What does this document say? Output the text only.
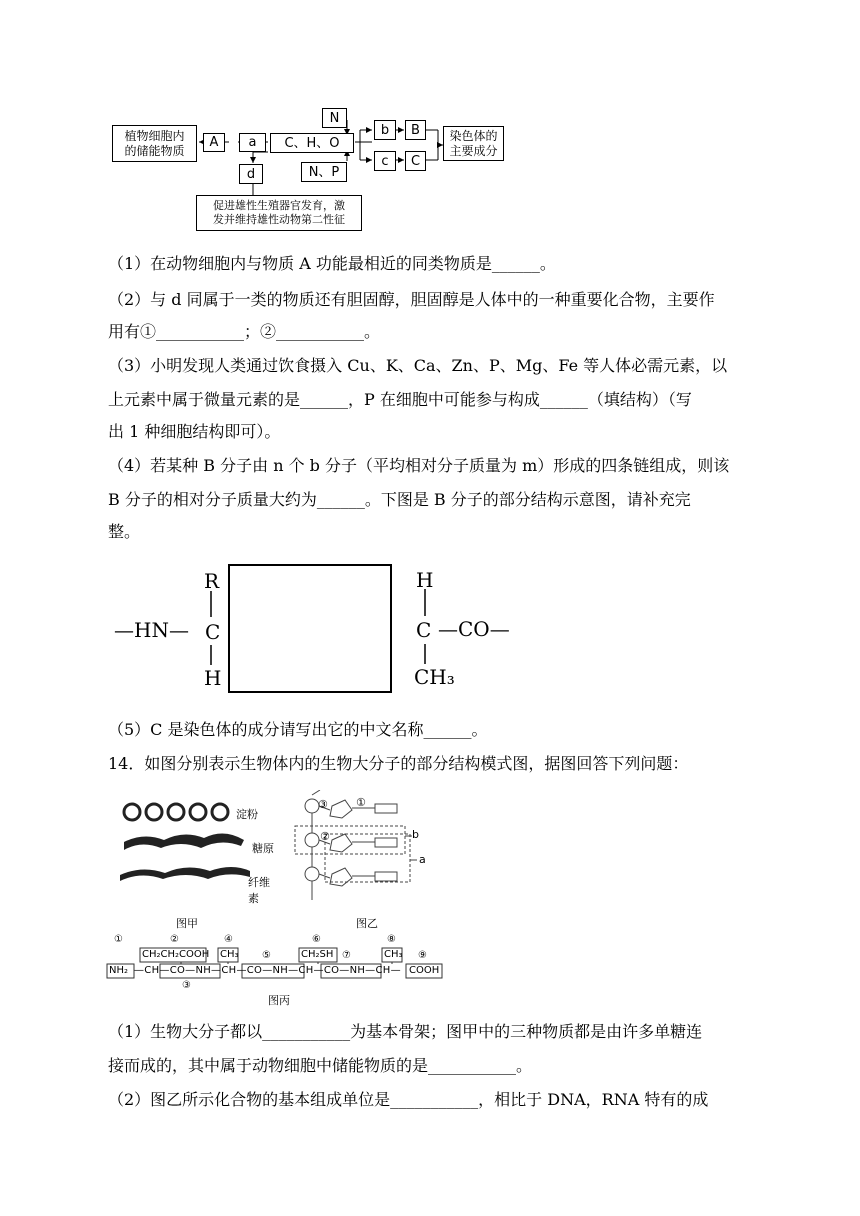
植物细胞内
的储能物质
A	a	C、H、O
N
N、P
b	B
c	C
染色体的
主要成分
d
促进雄性生殖器官发育，激
发并维持雄性动物第二性征
（1）在动物细胞内与物质 A 功能最相近的同类物质是______。
（2）与 d 同属于一类的物质还有胆固醇，胆固醇是人体中的一种重要化合物，主要作
用有①___________；②___________。
（3）小明发现人类通过饮食摄入 Cu、K、Ca、Zn、P、Mg、Fe 等人体必需元素，以
上元素中属于微量元素的是______，P 在细胞中可能参与构成______（填结构）（写
出 1 种细胞结构即可）。
（4）若某种 B 分子由 n 个 b 分子（平均相对分子质量为 m）形成的四条链组成，则该
B 分子的相对分子质量大约为______。下图是 B 分子的部分结构示意图，请补充完
整。
R
—HN— C
H
H
C —CO—
CH₃
（5）C 是染色体的成分请写出它的中文名称______。
14．如图分别表示生物体内的生物大分子的部分结构模式图，据图回答下列问题：
淀粉
糖原
纤维素
图甲
③	①
②	b
a
图乙
①	②	④
⑤
⑥
⑦
⑧
⑨
③
NH₂
CH₂CH₂COOH CH₃	CH₂SH	CH₃
—CH—CO—NH—CH—CO—NH—CH—CO—NH—CH— COOH
图丙
（1）生物大分子都以___________为基本骨架；图甲中的三种物质都是由许多单糖连
接而成的，其中属于动物细胞中储能物质的是___________。
（2）图乙所示化合物的基本组成单位是___________，相比于 DNA，RNA 特有的成
